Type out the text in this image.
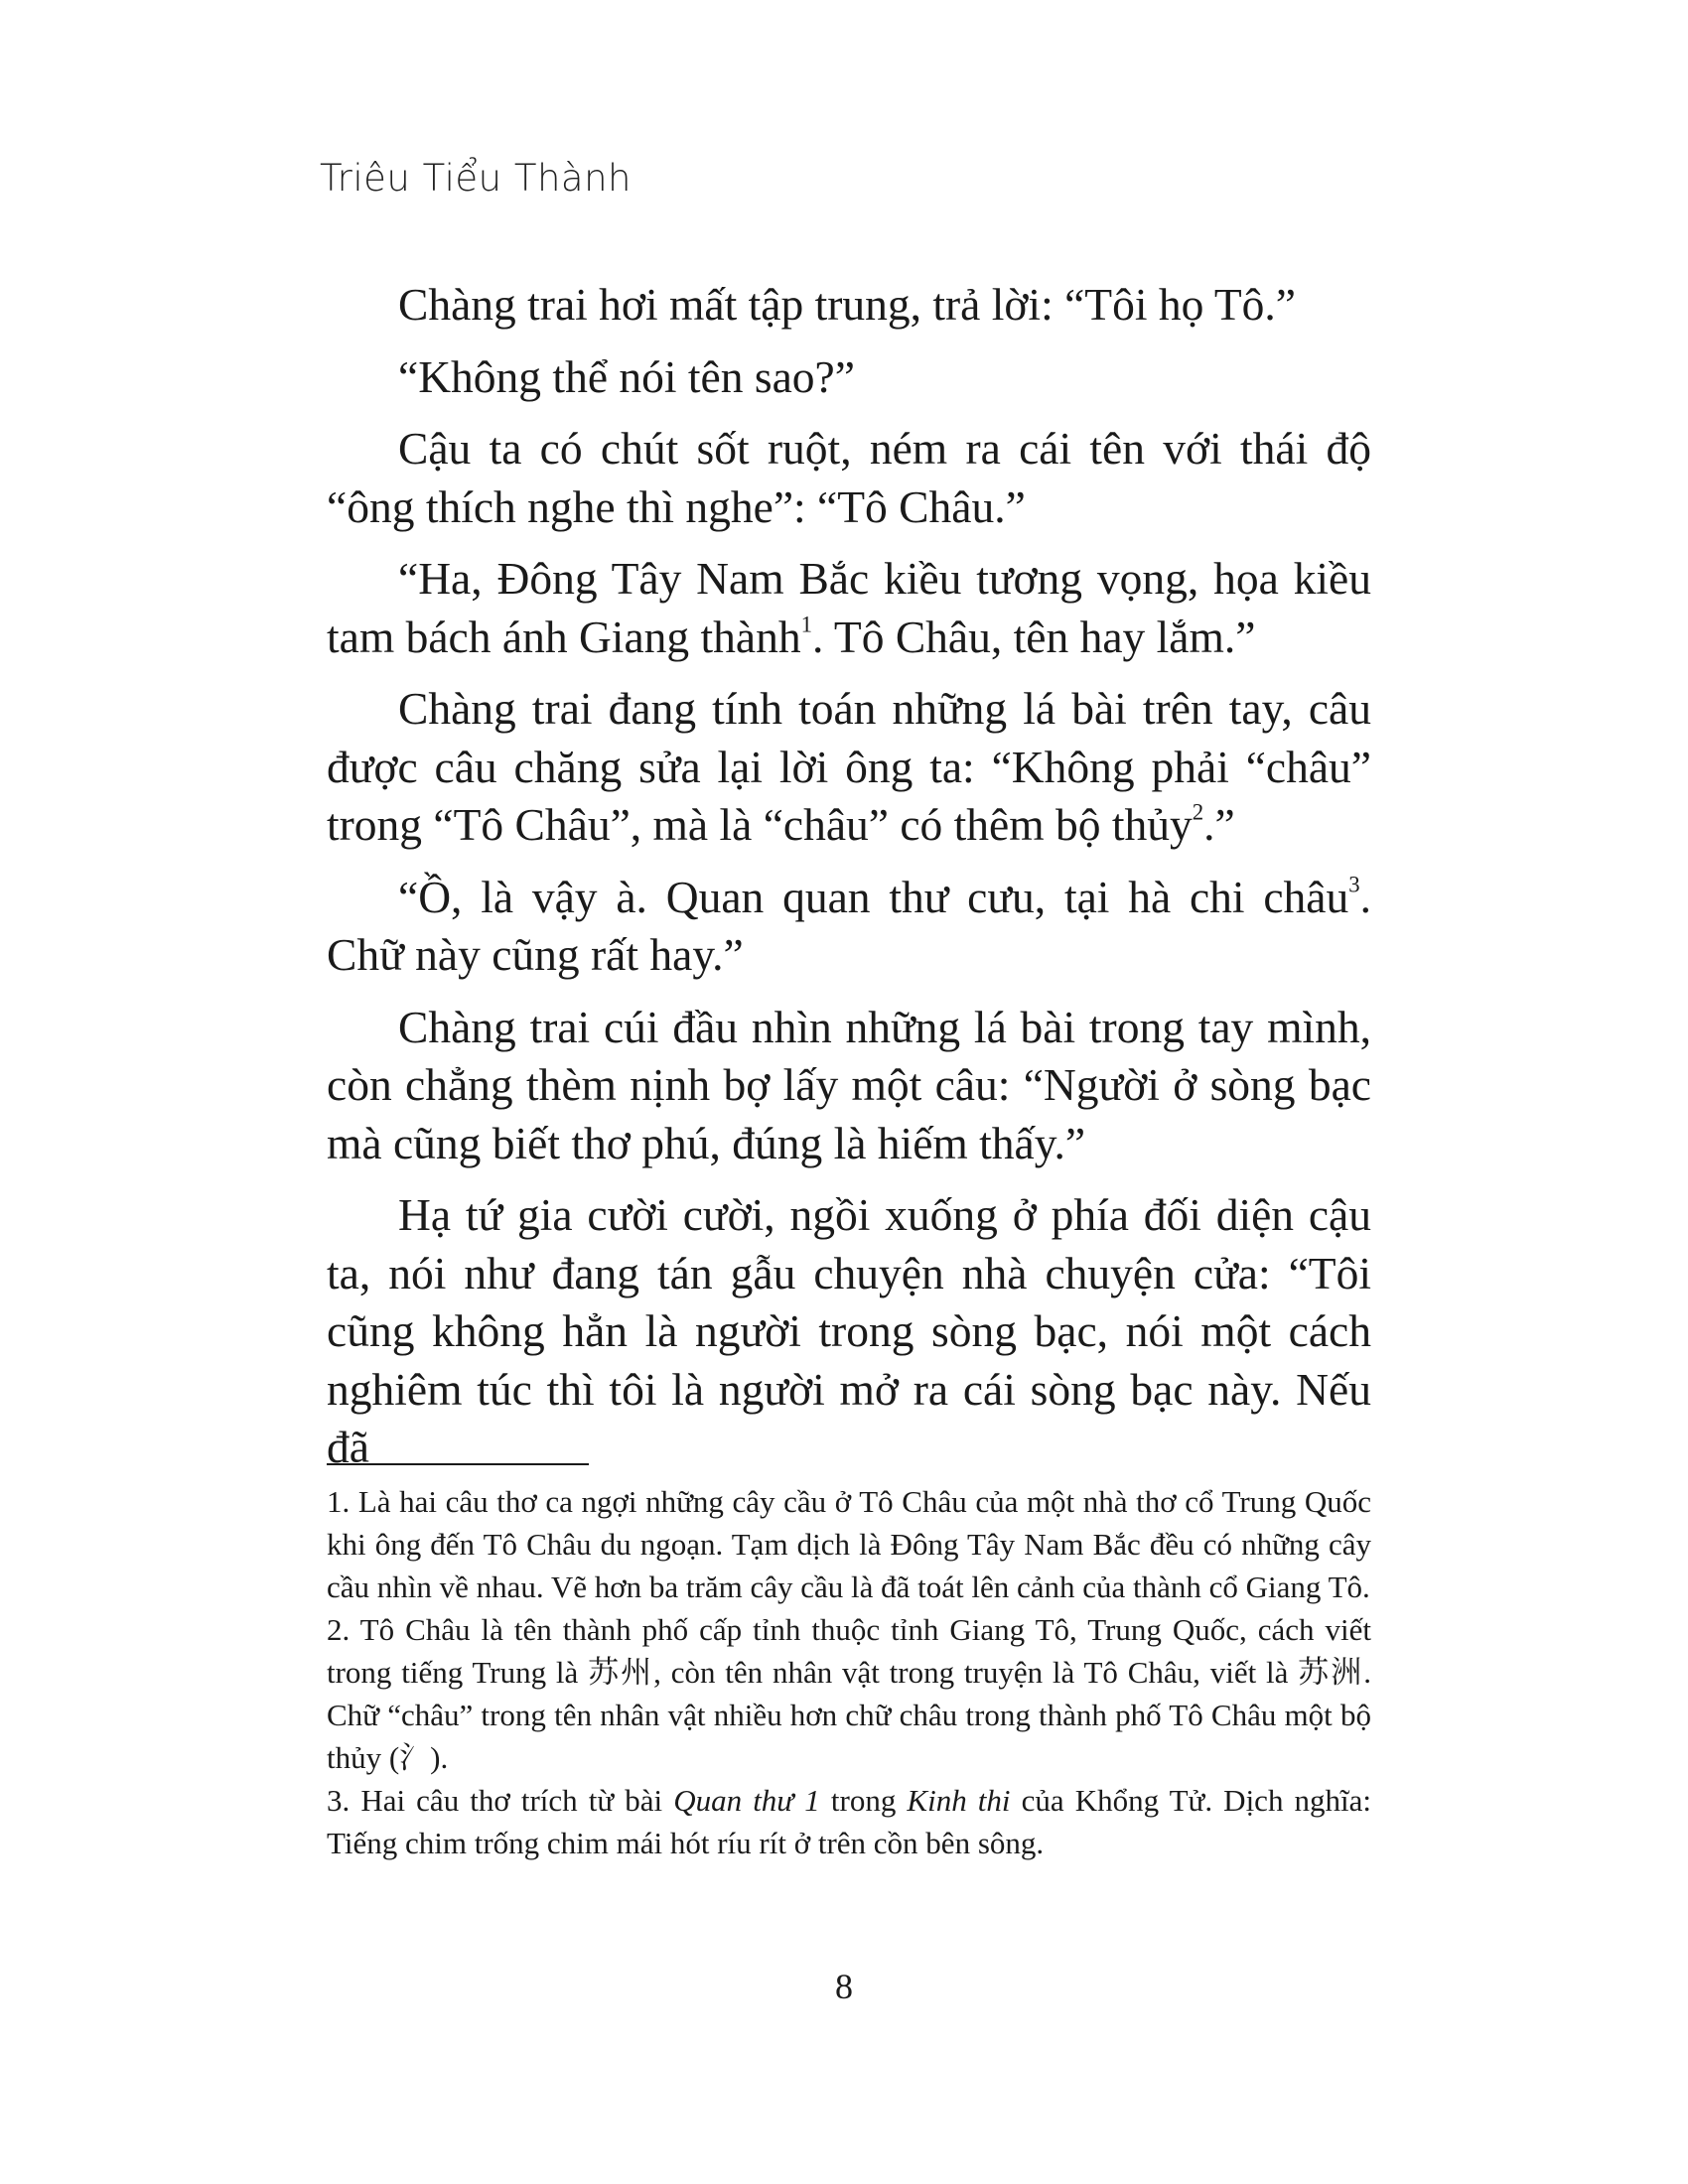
Triêu Tiểu Thành

Chàng trai hơi mất tập trung, trả lời: “Tôi họ Tô.”

“Không thể nói tên sao?”

Cậu ta có chút sốt ruột, ném ra cái tên với thái độ “ông thích nghe thì nghe”: “Tô Châu.”

“Ha, Đông Tây Nam Bắc kiều tương vọng, họa kiều tam bách ánh Giang thành$^1$. Tô Châu, tên hay lắm.”

Chàng trai đang tính toán những lá bài trên tay, câu được câu chăng sửa lại lời ông ta: “Không phải “châu” trong “Tô Châu”, mà là “châu” có thêm bộ thủy$^2$.”

“Ồ, là vậy à. Quan quan thư cưu, tại hà chi châu$^3$. Chữ này cũng rất hay.”

Chàng trai cúi đầu nhìn những lá bài trong tay mình, còn chẳng thèm nịnh bợ lấy một câu: “Người ở sòng bạc mà cũng biết thơ phú, đúng là hiếm thấy.”

Hạ tứ gia cười cười, ngồi xuống ở phía đối diện cậu ta, nói như đang tán gẫu chuyện nhà chuyện cửa: “Tôi cũng không hẳn là người trong sòng bạc, nói một cách nghiêm túc thì tôi là người mở ra cái sòng bạc này. Nếu đã

1. Là hai câu thơ ca ngợi những cây cầu ở Tô Châu của một nhà thơ cổ Trung Quốc khi ông đến Tô Châu du ngoạn. Tạm dịch là Đông Tây Nam Bắc đều có những cây cầu nhìn về nhau. Vẽ hơn ba trăm cây cầu là đã toát lên cảnh của thành cổ Giang Tô.

2. Tô Châu là tên thành phố cấp tỉnh thuộc tỉnh Giang Tô, Trung Quốc, cách viết trong tiếng Trung là 苏州, còn tên nhân vật trong truyện là Tô Châu, viết là 苏洲. Chữ “châu” trong tên nhân vật nhiều hơn chữ châu trong thành phố Tô Châu một bộ thủy (氵).

3. Hai câu thơ trích từ bài Quan thư 1 trong Kinh thi của Khổng Tử. Dịch nghĩa: Tiếng chim trống chim mái hót ríu rít ở trên cồn bên sông.

8
